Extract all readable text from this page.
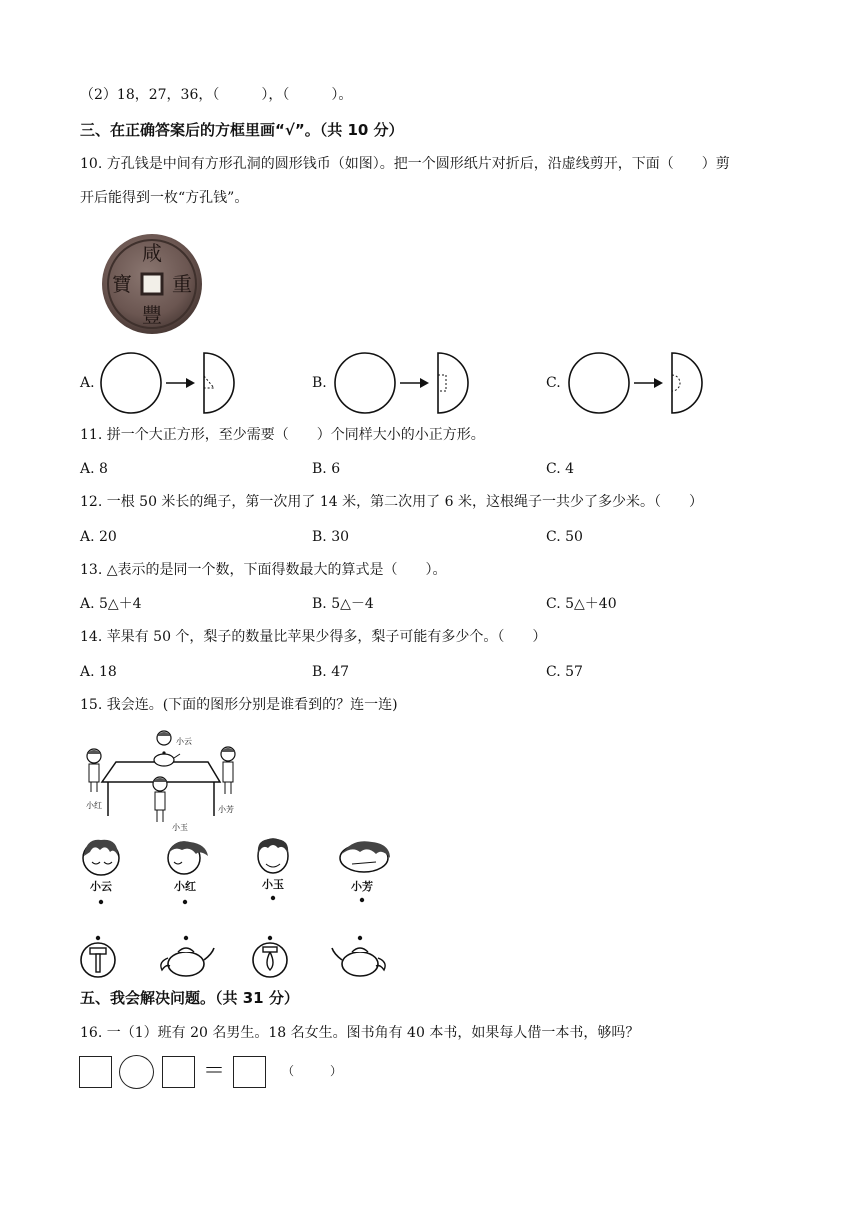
（2）18，27，36，（　　　），（　　　）。
三、在正确答案后的方框里画“√”。（共 10 分）
10. 方孔钱是中间有方形孔洞的圆形钱币（如图）。把一个圆形纸片对折后，沿虚线剪开，下面（　　）剪
开后能得到一枚“方孔钱”。
咸
豐
重
寶
A.	B.	C.
11. 拼一个大正方形，至少需要（　　）个同样大小的小正方形。
A. 8	B. 6	C. 4
12. 一根 50 米长的绳子，第一次用了 14 米，第二次用了 6 米，这根绳子一共少了多少米。（　　）
A. 20	B. 30	C. 50
13. △表示的是同一个数，下面得数最大的算式是（　　）。
A. 5△＋4	B. 5△－4	C. 5△＋40
14. 苹果有 50 个，梨子的数量比苹果少得多，梨子可能有多少个。（　　）
A. 18	B. 47	C. 57
15. 我会连。(下面的图形分别是谁看到的？连一连)
小云
小红	小芳
小玉
小云	小红	小玉	小芳
五、我会解决问题。（共 31 分）
16. 一（1）班有 20 名男生。18 名女生。图书角有 40 本书，如果每人借一本书，够吗？
＝	（　　　）
